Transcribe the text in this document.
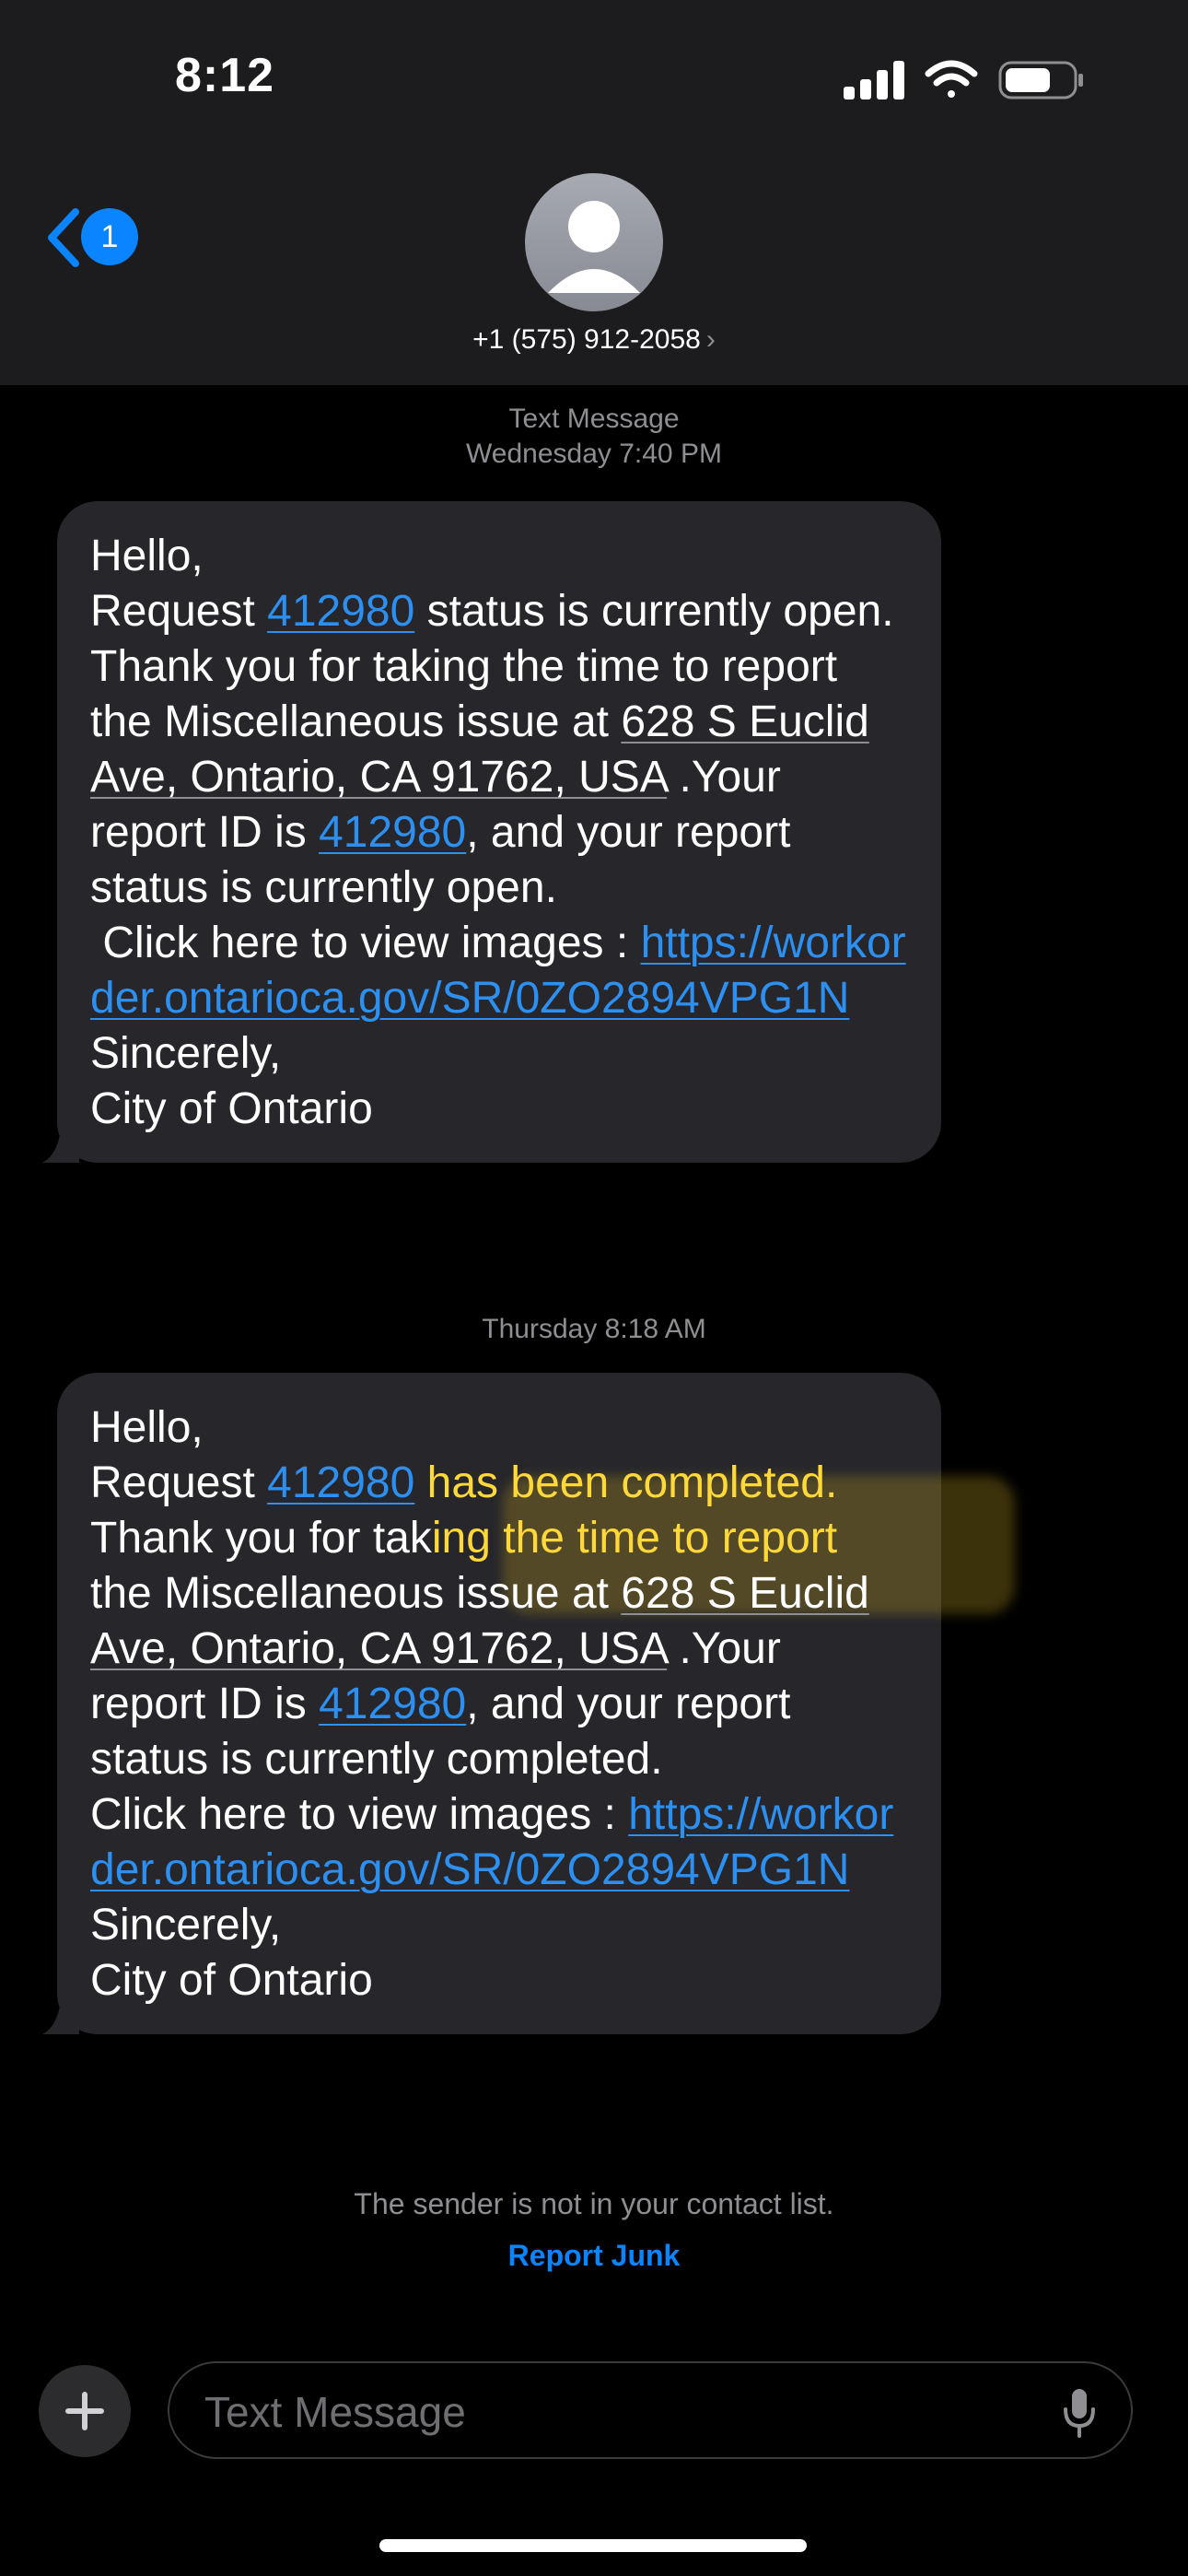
8:12
1
+1 (575) 912-2058 ›
Text Message
Wednesday 7:40 PM
Hello,
Request 412980 status is currently open.
Thank you for taking the time to report the Miscellaneous issue at 628 S Euclid Ave, Ontario, CA 91762, USA .Your report ID is 412980, and your report status is currently open.
Click here to view images : https://workorder.ontarioca.gov/SR/0ZO2894VPG1N
Sincerely,
City of Ontario
Thursday 8:18 AM
Hello,
Request 412980 has been completed.
Thank you for taking the time to report the Miscellaneous issue at 628 S Euclid Ave, Ontario, CA 91762, USA .Your report ID is 412980, and your report status is currently completed.
Click here to view images : https://workorder.ontarioca.gov/SR/0ZO2894VPG1N
Sincerely,
City of Ontario
The sender is not in your contact list.
Report Junk
Text Message
